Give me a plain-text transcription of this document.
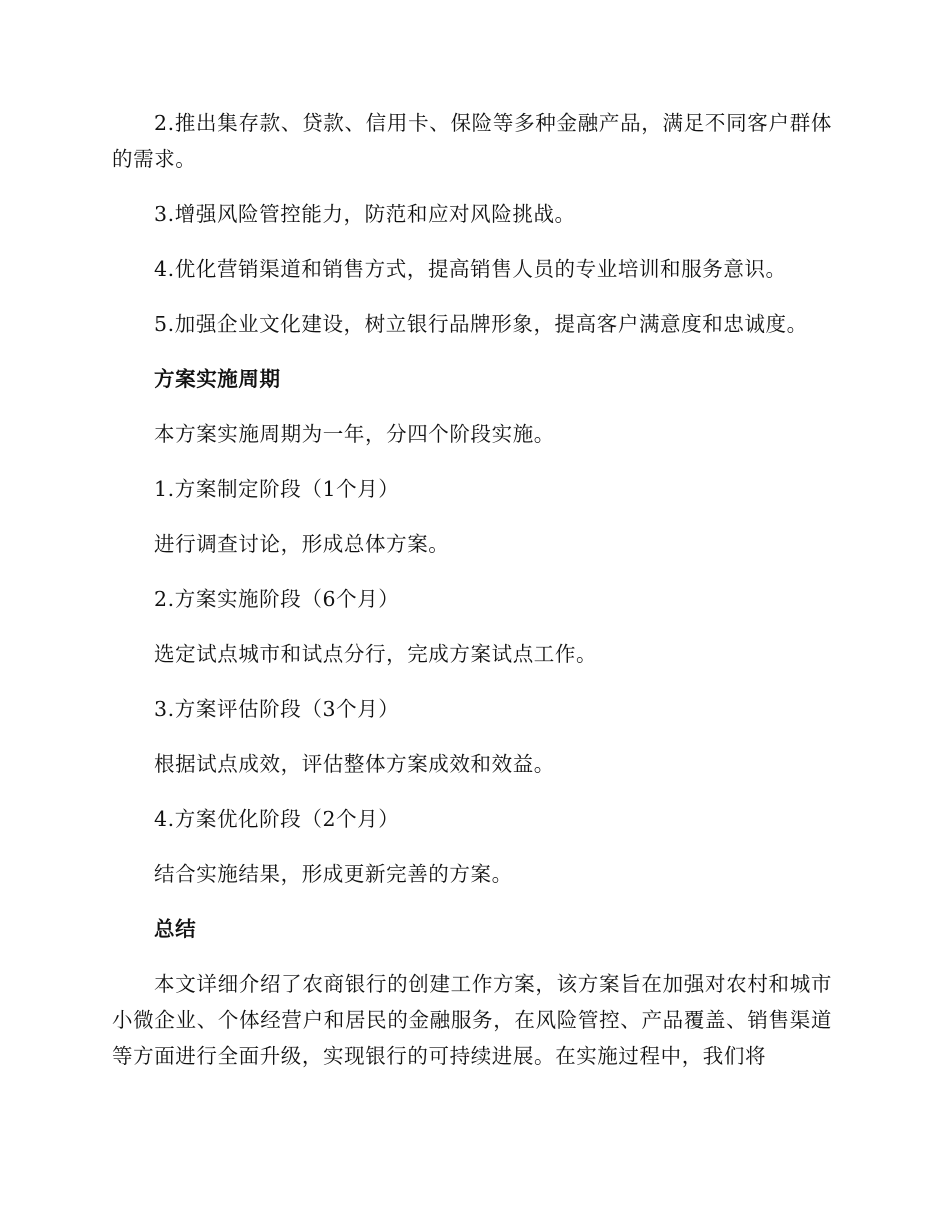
2.推出集存款、贷款、信用卡、保险等多种金融产品，满足不同客户群体的需求。

3.增强风险管控能力，防范和应对风险挑战。

4.优化营销渠道和销售方式，提高销售人员的专业培训和服务意识。

5.加强企业文化建设，树立银行品牌形象，提高客户满意度和忠诚度。

方案实施周期

本方案实施周期为一年，分四个阶段实施。

1.方案制定阶段（1个月）

进行调查讨论，形成总体方案。

2.方案实施阶段（6个月）

选定试点城市和试点分行，完成方案试点工作。

3.方案评估阶段（3个月）

根据试点成效，评估整体方案成效和效益。

4.方案优化阶段（2个月）

结合实施结果，形成更新完善的方案。

总结

本文详细介绍了农商银行的创建工作方案，该方案旨在加强对农村和城市小微企业、个体经营户和居民的金融服务，在风险管控、产品覆盖、销售渠道等方面进行全面升级，实现银行的可持续进展。在实施过程中，我们将
